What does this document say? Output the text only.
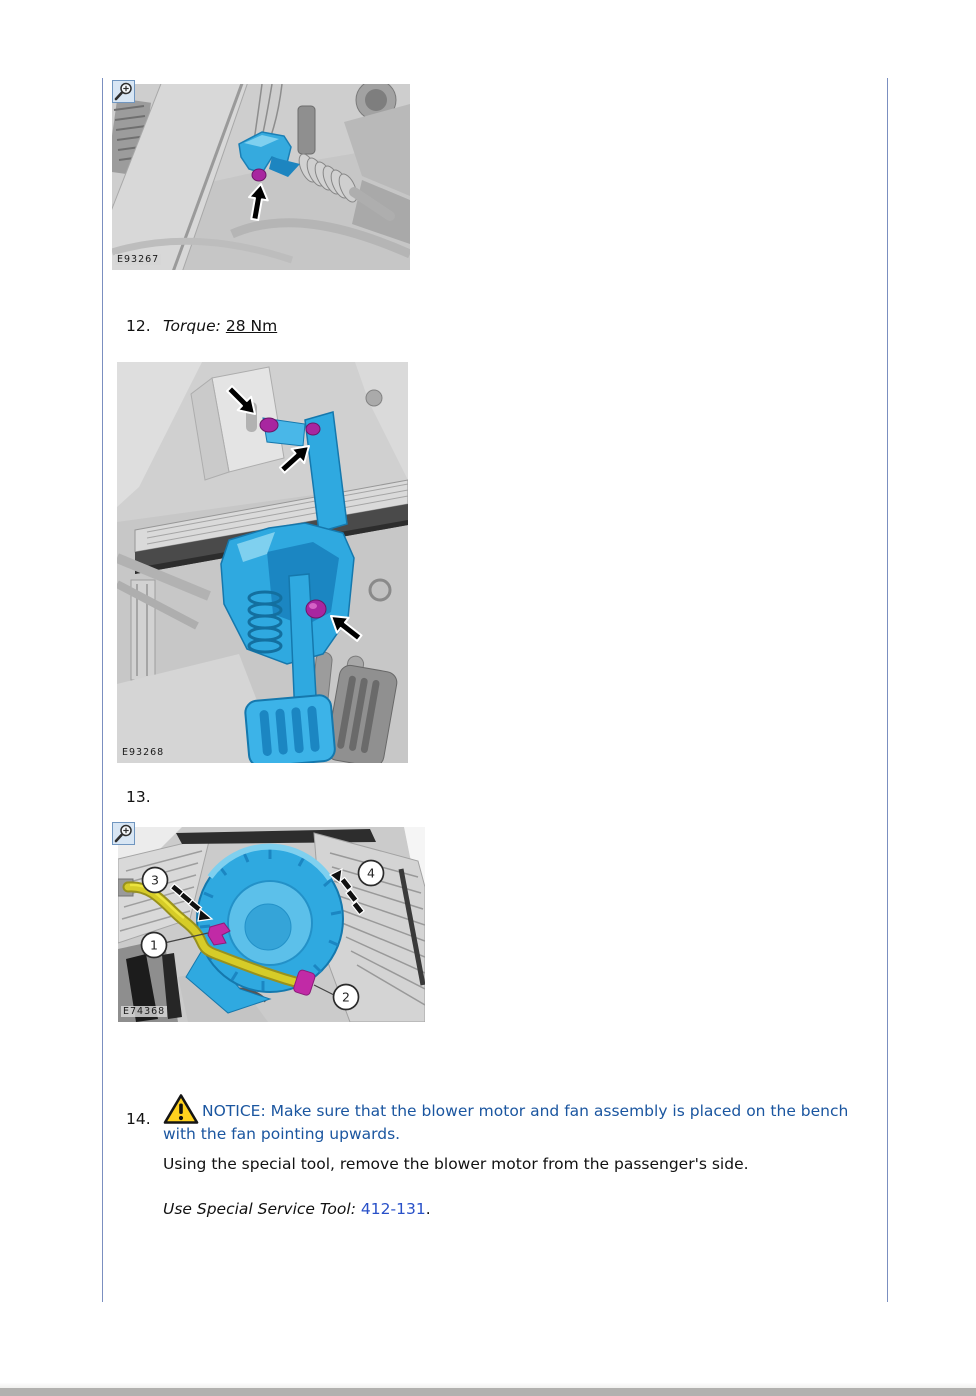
E93267
12. Torque: 28 Nm
E93268
13.
3	4
1
2
E74368
14.	NOTICE: Make sure that the blower motor and fan assembly is placed on the bench with the fan pointing upwards.

Using the special tool, remove the blower motor from the passenger's side.

Use Special Service Tool: 412-131.
